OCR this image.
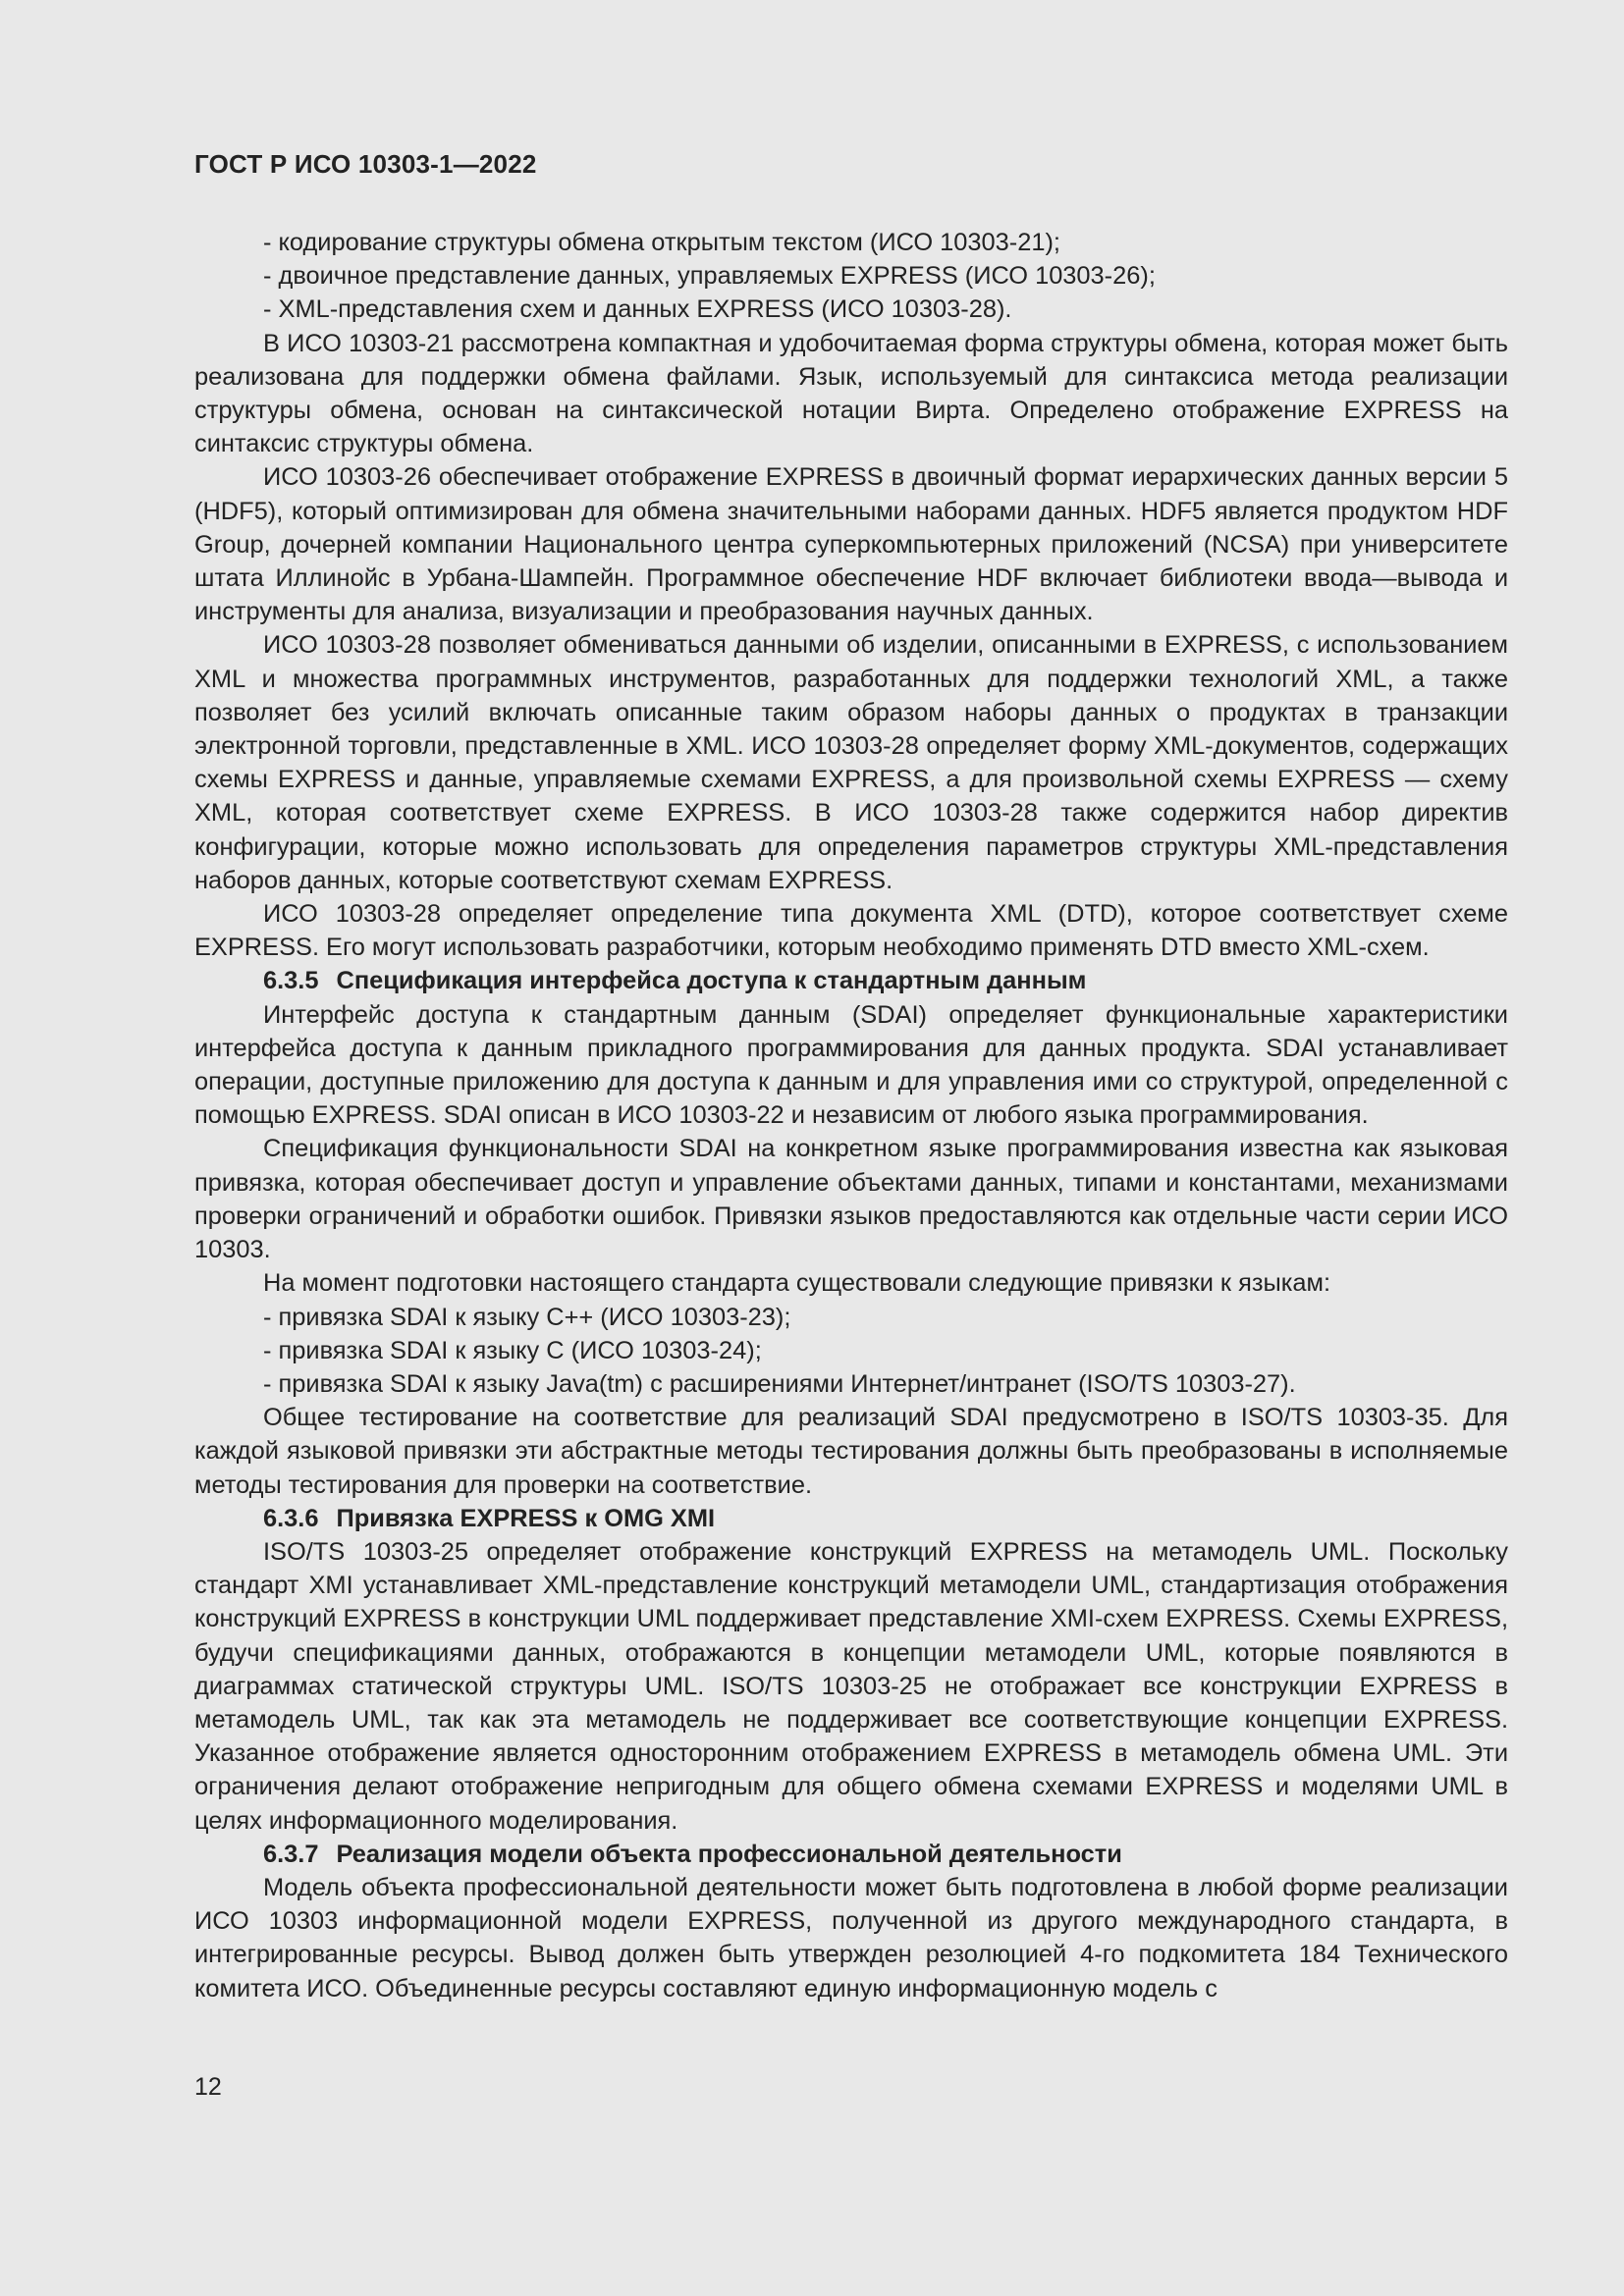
ГОСТ Р ИСО 10303-1—2022

- кодирование структуры обмена открытым текстом (ИСО 10303-21);

- двоичное представление данных, управляемых EXPRESS (ИСО 10303-26);

- XML-представления схем и данных EXPRESS (ИСО 10303-28).

В ИСО 10303-21 рассмотрена компактная и удобочитаемая форма структуры обмена, которая может быть реализована для поддержки обмена файлами. Язык, используемый для синтаксиса метода реализации структуры обмена, основан на синтаксической нотации Вирта. Определено отображение EXPRESS на синтаксис структуры обмена.

ИСО 10303-26 обеспечивает отображение EXPRESS в двоичный формат иерархических данных версии 5 (HDF5), который оптимизирован для обмена значительными наборами данных. HDF5 является продуктом HDF Group, дочерней компании Национального центра суперкомпьютерных приложений (NCSA) при университете штата Иллинойс в Урбана-Шампейн. Программное обеспечение HDF включает библиотеки ввода—вывода и инструменты для анализа, визуализации и преобразования научных данных.

ИСО 10303-28 позволяет обмениваться данными об изделии, описанными в EXPRESS, с использованием XML и множества программных инструментов, разработанных для поддержки технологий XML, а также позволяет без усилий включать описанные таким образом наборы данных о продуктах в транзакции электронной торговли, представленные в XML. ИСО 10303-28 определяет форму XML-документов, содержащих схемы EXPRESS и данные, управляемые схемами EXPRESS, а для произвольной схемы EXPRESS — схему XML, которая соответствует схеме EXPRESS. В ИСО 10303-28 также содержится набор директив конфигурации, которые можно использовать для определения параметров структуры XML-представления наборов данных, которые соответствуют схемам EXPRESS.

ИСО 10303-28 определяет определение типа документа XML (DTD), которое соответствует схеме EXPRESS. Его могут использовать разработчики, которым необходимо применять DTD вместо XML-схем.

6.3.5 Спецификация интерфейса доступа к стандартным данным

Интерфейс доступа к стандартным данным (SDAI) определяет функциональные характеристики интерфейса доступа к данным прикладного программирования для данных продукта. SDAI устанавливает операции, доступные приложению для доступа к данным и для управления ими со структурой, определенной с помощью EXPRESS. SDAI описан в ИСО 10303-22 и независим от любого языка программирования.

Спецификация функциональности SDAI на конкретном языке программирования известна как языковая привязка, которая обеспечивает доступ и управление объектами данных, типами и константами, механизмами проверки ограничений и обработки ошибок. Привязки языков предоставляются как отдельные части серии ИСО 10303.

На момент подготовки настоящего стандарта существовали следующие привязки к языкам:

- привязка SDAI к языку C++ (ИСО 10303-23);

- привязка SDAI к языку C (ИСО 10303-24);

- привязка SDAI к языку Java(tm) с расширениями Интернет/интранет (ISO/TS 10303-27).

Общее тестирование на соответствие для реализаций SDAI предусмотрено в ISO/TS 10303-35. Для каждой языковой привязки эти абстрактные методы тестирования должны быть преобразованы в исполняемые методы тестирования для проверки на соответствие.

6.3.6 Привязка EXPRESS к OMG XMI

ISO/TS 10303-25 определяет отображение конструкций EXPRESS на метамодель UML. Поскольку стандарт XMI устанавливает XML-представление конструкций метамодели UML, стандартизация отображения конструкций EXPRESS в конструкции UML поддерживает представление XMI-схем EXPRESS. Схемы EXPRESS, будучи спецификациями данных, отображаются в концепции метамодели UML, которые появляются в диаграммах статической структуры UML. ISO/TS 10303-25 не отображает все конструкции EXPRESS в метамодель UML, так как эта метамодель не поддерживает все соответствующие концепции EXPRESS. Указанное отображение является односторонним отображением EXPRESS в метамодель обмена UML. Эти ограничения делают отображение непригодным для общего обмена схемами EXPRESS и моделями UML в целях информационного моделирования.

6.3.7 Реализация модели объекта профессиональной деятельности

Модель объекта профессиональной деятельности может быть подготовлена в любой форме реализации ИСО 10303 информационной модели EXPRESS, полученной из другого международного стандарта, в интегрированные ресурсы. Вывод должен быть утвержден резолюцией 4-го подкомитета 184 Технического комитета ИСО. Объединенные ресурсы составляют единую информационную модель с

12
